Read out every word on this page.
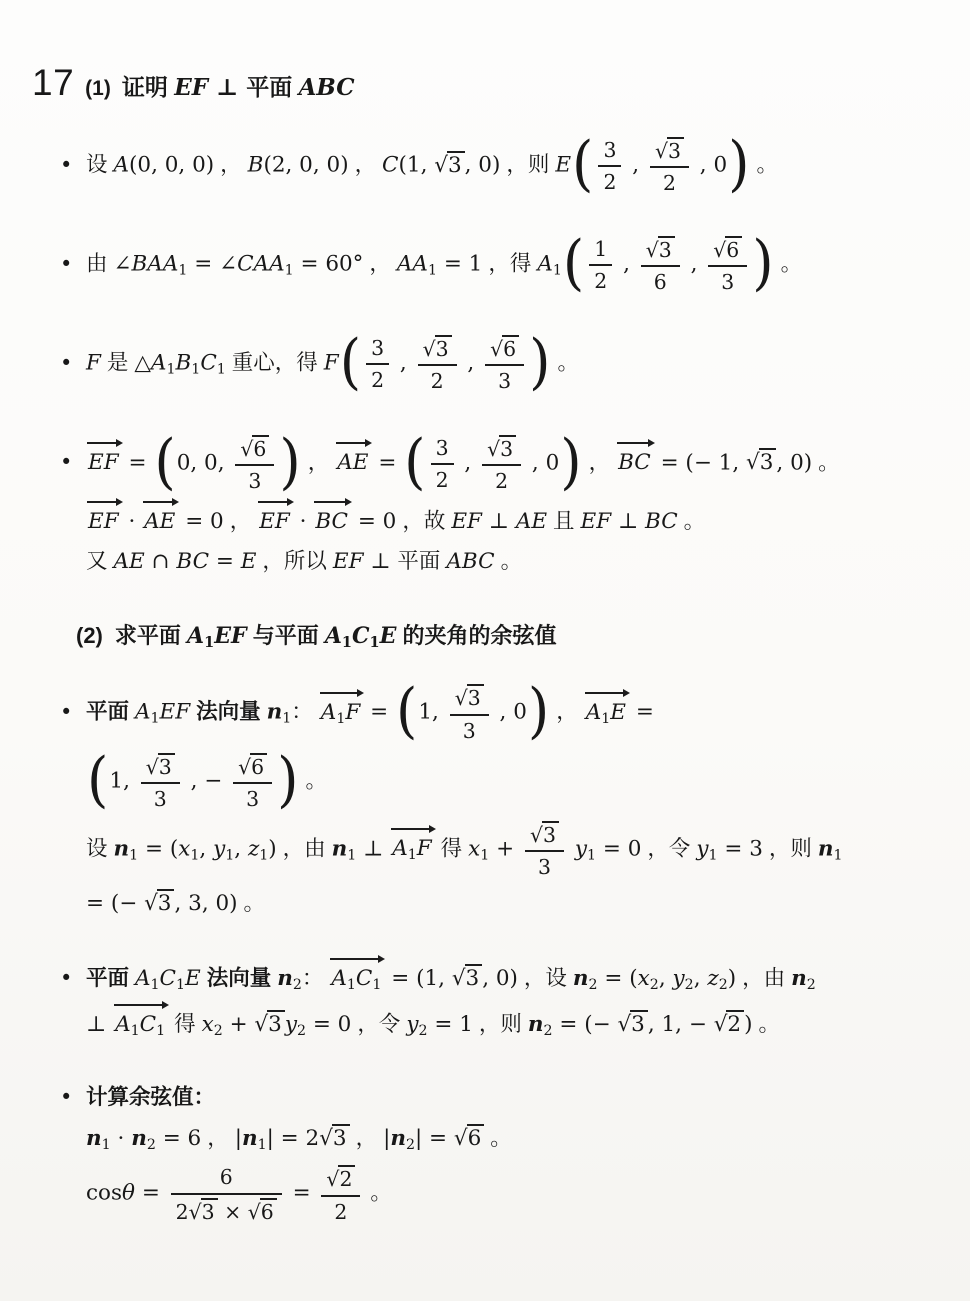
17 (1) 证明 EF ⊥ 平面 ABC
• 设 A(0, 0, 0) ， B(2, 0, 0) ， C(1, √3 , 0) ，则 $E( \frac{3}{2}$ , $\frac{√3}{2}$ , 0) 。
• 由 ∠BAA1 = ∠CAA1 = 60° ， AA1 = 1 ，得 $A1( \frac{1}{2}$ , $\frac{√3}{6}$ , $\frac{√6}{3}$ ) 。
• F 是 △A1B1C1 重心，得 $F( \frac{3}{2}$ , $\frac{√3}{2}$ , $\frac{√6}{3}$ ) 。
• EF = (0, 0, $\frac{√6}{3}$ ) ，
AE = ( $\frac{3}{2}$ , $\frac{√3}{2}$ , 0) ，
BC = (− 1, √3 , 0) 。
EF ·
AE = 0 ，
EF ·
BC = 0 ，故 EF ⊥ AE 且 EF ⊥ BC 。
又 AE ∩ BC = E ，所以 EF ⊥ 平面 ABC 。
(2) 求平面 A1EF 与平面 A1C1E 的夹角的余弦值
• 平面 A1EF 法向量 n1：
A1F = (1, $\frac{√3}{3}$ , 0) ，
A1E =
(1, $\frac{√3}{3}$ , − $\frac{√6}{3}$ ) 。
设 n1 = (x1, y1, z1) ，由 n1 ⊥
A1F 得 $x1 + \frac{√3}{3} y1 = 0$ ，令 y1 = 3 ，则 n1
= (− √3 , 3, 0) 。
• 平面 A1C1E 法向量 n2：
A1C1 = (1, √3 , 0) ，设 n2 = (x2, y2, z2) ，由 n2
⊥
A1C1 得 x2 + √3 y2 = 0 ，令 y2 = 1 ，则 n2 = (− √3 , 1, − √2 ) 。
• 计算余弦值：
n1 · n2 = 6 ， |n1| = 2√3 ， |n2| = √6 。
$\cos\theta = \frac{6}{2√3 \times √6} = \frac{√2}{2}$ 。
